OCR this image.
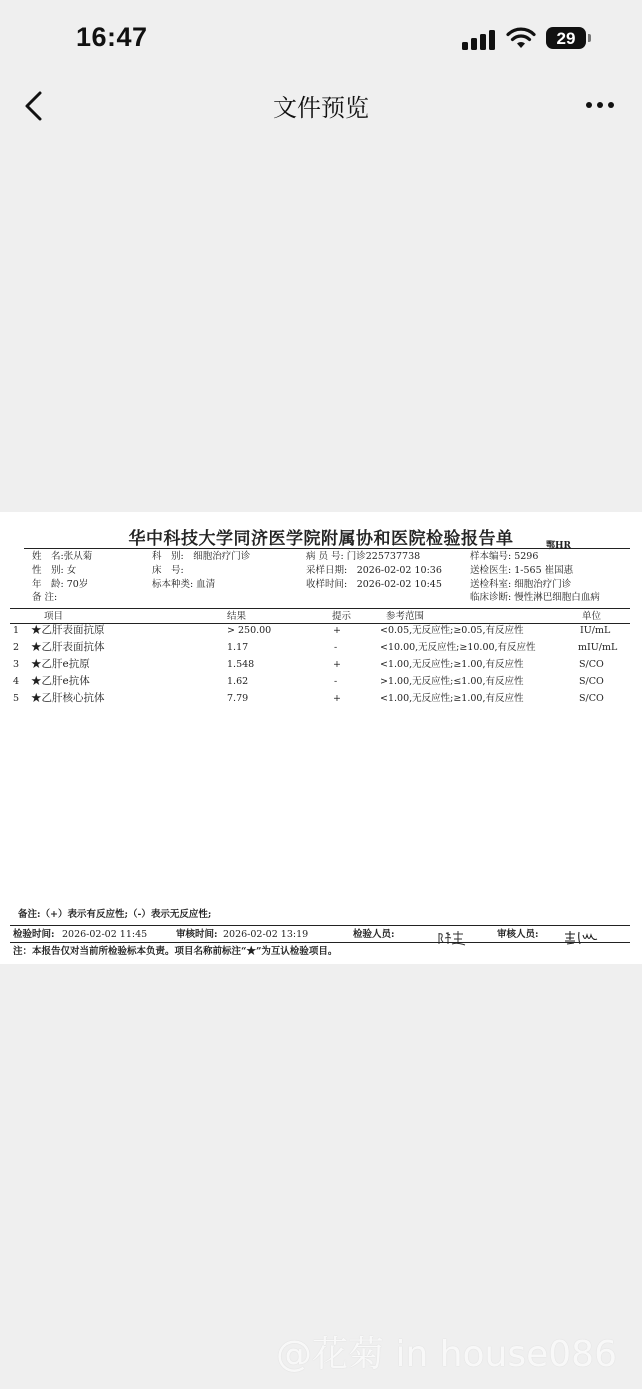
16:47	29
文件预览
华中科技大学同济医学院附属协和医院检验报告单	鄂HR
姓　名:张从菊
性　别: 女
年　龄: 70岁
备 注:
科　别:　细胞治疗门诊
床　号:
标本种类: 血清
病 员 号: 门诊225737738
采样日期:　2026-02-02 10:36
收样时间:　2026-02-02 10:45
样本编号: 5296
送检医生: 1-565 崔国惠
送检科室: 细胞治疗门诊
临床诊断: 慢性淋巴细胞白血病
项目	结果	提示	参考范围	单位
1 ★乙肝表面抗原	> 250.00	+	<0.05,无反应性;≥0.05,有反应性	IU/mL
2 ★乙肝表面抗体	1.17	-	<10.00,无反应性;≥10.00,有反应性	mIU/mL
3 ★乙肝e抗原	1.548	+	<1.00,无反应性;≥1.00,有反应性	S/CO
4 ★乙肝e抗体	1.62	-	>1.00,无反应性;≤1.00,有反应性	S/CO
5 ★乙肝核心抗体	7.79	+	<1.00,无反应性;≥1.00,有反应性	S/CO
备注:（+）表示有反应性;（-）表示无反应性;
检验时间: 2026-02-02 11:45	审核时间: 2026-02-02 13:19	检验人员:	审核人员:
注：本报告仅对当前所检验标本负责。项目名称前标注“★”为互认检验项目。
@花菊 in house086
